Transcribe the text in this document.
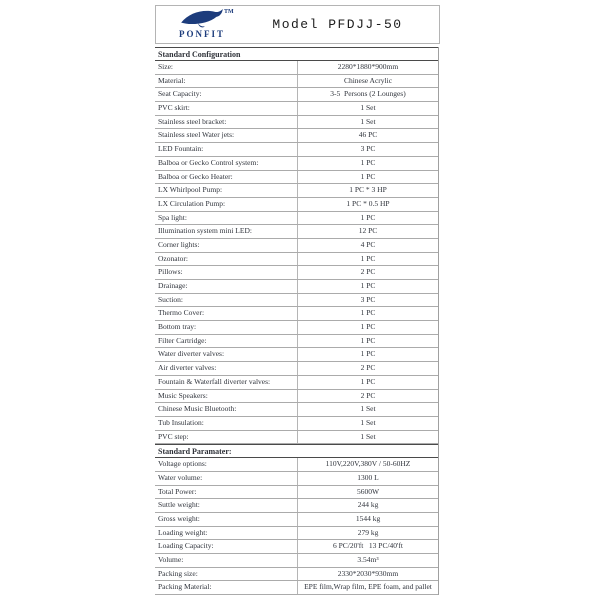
TM
PONFIT
Model PFDJJ-50
Standard Configuration
Size:	2280*1880*900mm
Material:	Chinese Acrylic
Seat Capacity:	3-5  Persons (2 Lounges)
PVC skirt:	1 Set
Stainless steel bracket:	1 Set
Stainless steel Water jets:	46 PC
LED Fountain:	3 PC
Balboa or Gecko Control system:	1 PC
Balboa or Gecko Heater:	1 PC
LX Whirlpool Pump:	1 PC * 3 HP
LX Circulation Pump:	1 PC * 0.5 HP
Spa light:	1 PC
Illumination system mini LED:	12 PC
Corner lights:	4 PC
Ozonator:	1 PC
Pillows:	2 PC
Drainage:	1 PC
Suction:	3 PC
Thermo Cover:	1 PC
Bottom tray:	1 PC
Filter Cartridge:	1 PC
Water diverter valves:	1 PC
Air diverter valves:	2 PC
Fountain & Waterfall diverter valves:	1 PC
Music Speakers:	2 PC
Chinese Music Bluetooth:	1 Set
Tub Insulation:	1 Set
PVC step:	1 Set
Standard Paramater:
Voltage options:	110V,220V,380V / 50-60HZ
Water volume:	1300 L
Total Power:	5600W
Suttle weight:	244 kg
Gross weight:	1544 kg
Loading weight:	279 kg
Loading Capacity:	6 PC/20'ft   13 PC/40'ft
Volume:	3.54m³
Packing size:	2330*2030*930mm
Packing Material:	EPE film,Wrap film, EPE foam, and pallet
